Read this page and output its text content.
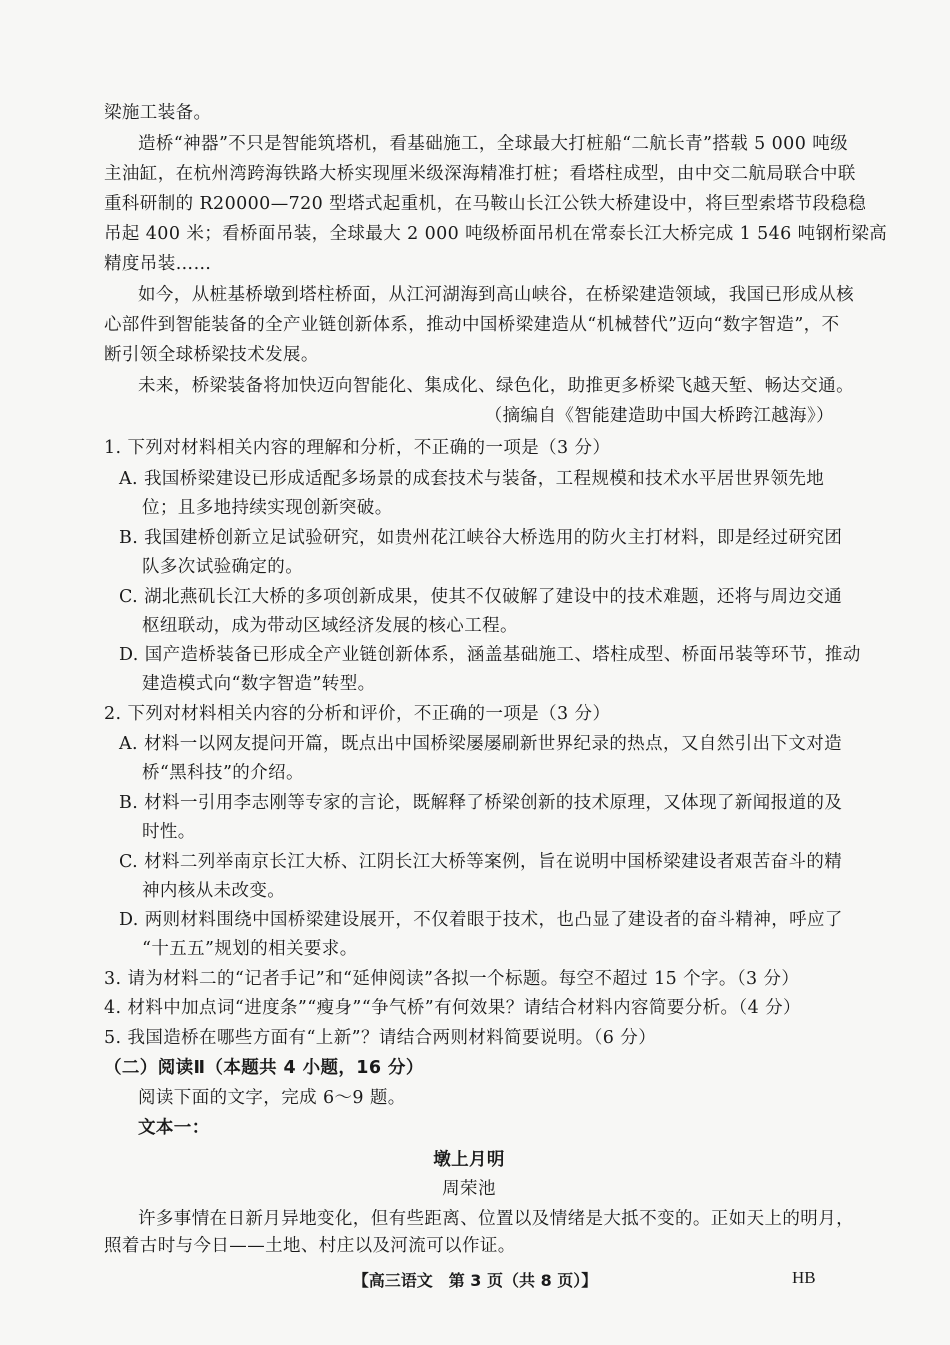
梁施工装备。
造桥“神器”不只是智能筑塔机，看基础施工，全球最大打桩船“二航长青”搭载 5 000 吨级
主油缸，在杭州湾跨海铁路大桥实现厘米级深海精准打桩；看塔柱成型，由中交二航局联合中联
重科研制的 R20000—720 型塔式起重机，在马鞍山长江公铁大桥建设中，将巨型索塔节段稳稳
吊起 400 米；看桥面吊装，全球最大 2 000 吨级桥面吊机在常泰长江大桥完成 1 546 吨钢桁梁高
精度吊装……
如今，从桩基桥墩到塔柱桥面，从江河湖海到高山峡谷，在桥梁建造领域，我国已形成从核
心部件到智能装备的全产业链创新体系，推动中国桥梁建造从“机械替代”迈向“数字智造”，不
断引领全球桥梁技术发展。
未来，桥梁装备将加快迈向智能化、集成化、绿色化，助推更多桥梁飞越天堑、畅达交通。
（摘编自《智能建造助中国大桥跨江越海》）
1. 下列对材料相关内容的理解和分析，不正确的一项是（3 分）
A. 我国桥梁建设已形成适配多场景的成套技术与装备，工程规模和技术水平居世界领先地
位；且多地持续实现创新突破。
B. 我国建桥创新立足试验研究，如贵州花江峡谷大桥选用的防火主打材料，即是经过研究团
队多次试验确定的。
C. 湖北燕矶长江大桥的多项创新成果，使其不仅破解了建设中的技术难题，还将与周边交通
枢纽联动，成为带动区域经济发展的核心工程。
D. 国产造桥装备已形成全产业链创新体系，涵盖基础施工、塔柱成型、桥面吊装等环节，推动
建造模式向“数字智造”转型。
2. 下列对材料相关内容的分析和评价，不正确的一项是（3 分）
A. 材料一以网友提问开篇，既点出中国桥梁屡屡刷新世界纪录的热点，又自然引出下文对造
桥“黑科技”的介绍。
B. 材料一引用李志刚等专家的言论，既解释了桥梁创新的技术原理，又体现了新闻报道的及
时性。
C. 材料二列举南京长江大桥、江阴长江大桥等案例，旨在说明中国桥梁建设者艰苦奋斗的精
神内核从未改变。
D. 两则材料围绕中国桥梁建设展开，不仅着眼于技术，也凸显了建设者的奋斗精神，呼应了
“十五五”规划的相关要求。
3. 请为材料二的“记者手记”和“延伸阅读”各拟一个标题。每空不超过 15 个字。（3 分）
4. 材料中加点词“进度条”“瘦身”“争气桥”有何效果？请结合材料内容简要分析。（4 分）
5. 我国造桥在哪些方面有“上新”？请结合两则材料简要说明。（6 分）
（二）阅读Ⅱ（本题共 4 小题，16 分）
阅读下面的文字，完成 6～9 题。
文本一：
墩上月明
周荣池
许多事情在日新月异地变化，但有些距离、位置以及情绪是大抵不变的。正如天上的明月，
照着古时与今日——土地、村庄以及河流可以作证。
【高三语文　第 3 页（共 8 页）】	HB
